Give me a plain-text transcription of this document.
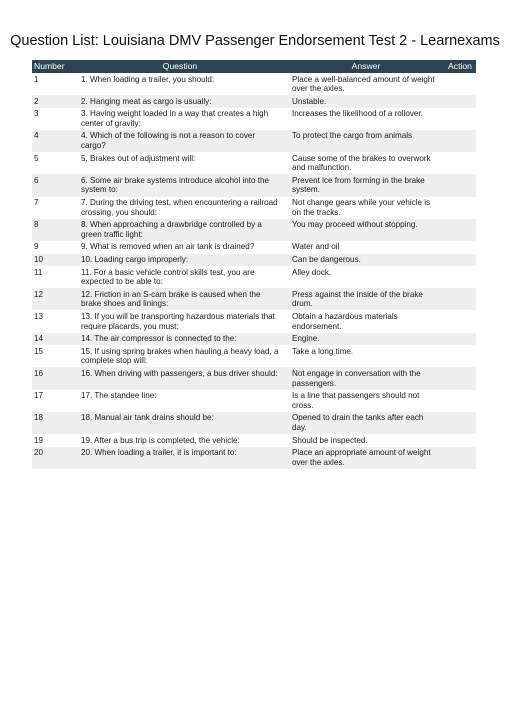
Question List: Louisiana DMV Passenger Endorsement Test 2 - Learnexams
Number	Question	Answer	Action
1	1. When loading a trailer, you should:	Place a well-balanced amount of weight over the axles.	
2	2. Hanging meat as cargo is usually:	Unstable.	
3	3. Having weight loaded in a way that creates a high center of gravity:	Increases the likelihood of a rollover.	
4	4. Which of the following is not a reason to cover cargo?	To protect the cargo from animals	
5	5. Brakes out of adjustment will:	Cause some of the brakes to overwork and malfunction.	
6	6. Some air brake systems introduce alcohol into the system to:	Prevent ice from forming in the brake system.	
7	7. During the driving test, when encountering a railroad crossing, you should:	Not change gears while your vehicle is on the tracks.	
8	8. When approaching a drawbridge controlled by a green traffic light:	You may proceed without stopping.	
9	9. What is removed when an air tank is drained?	Water and oil	
10	10. Loading cargo improperly:	Can be dangerous.	
11	11. For a basic vehicle control skills test, you are expected to be able to:	Alley dock.	
12	12. Friction in an S-cam brake is caused when the brake shoes and linings:	Press against the inside of the brake drum.	
13	13. If you will be transporting hazardous materials that require placards, you must:	Obtain a hazardous materials endorsement.	
14	14. The air compressor is connected to the:	Engine.	
15	15. If using spring brakes when hauling a heavy load, a complete stop will:	Take a long time.	
16	16. When driving with passengers, a bus driver should:	Not engage in conversation with the passengers.	
17	17. The standee line:	Is a line that passengers should not cross.	
18	18. Manual air tank drains should be:	Opened to drain the tanks after each day.	
19	19. After a bus trip is completed, the vehicle:	Should be inspected.	
20	20. When loading a trailer, it is important to:	Place an appropriate amount of weight over the axles.	
